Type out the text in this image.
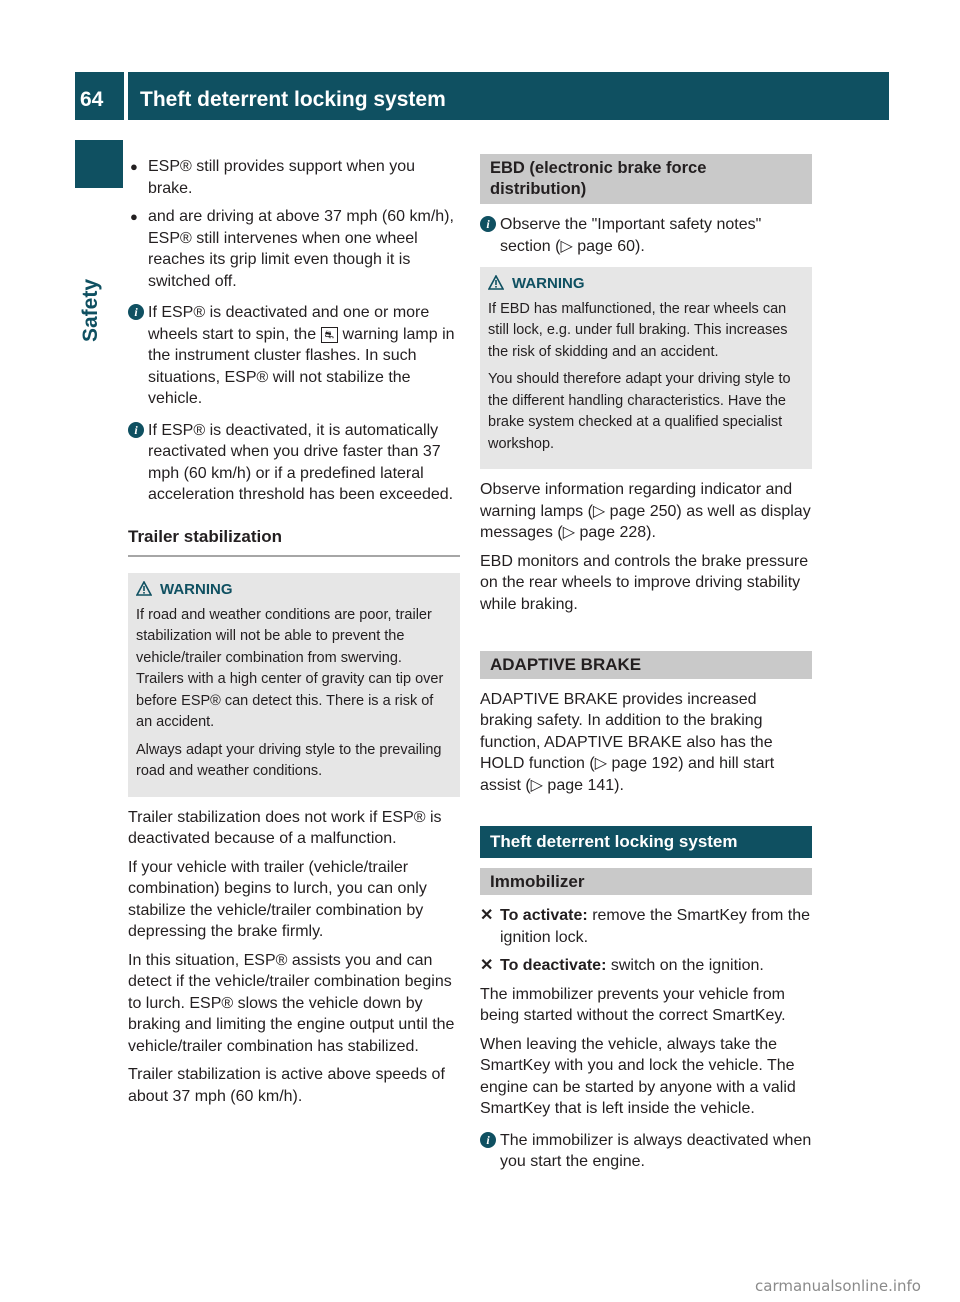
64 Theft deterrent locking system
Safety
● ESP® still provides support when you brake.
● and are driving at above 37 mph (60 km/h), ESP® still intervenes when one wheel reaches its grip limit even though it is switched off.
i If ESP® is deactivated and one or more wheels start to spin, the ⛐ warning lamp in the instrument cluster flashes. In such situations, ESP® will not stabilize the vehicle.
i If ESP® is deactivated, it is automatically reactivated when you drive faster than 37 mph (60 km/h) or if a predefined lateral acceleration threshold has been exceeded.
Trailer stabilization
WARNING

If road and weather conditions are poor, trailer stabilization will not be able to prevent the vehicle/trailer combination from swerving. Trailers with a high center of gravity can tip over before ESP® can detect this. There is a risk of an accident.

Always adapt your driving style to the prevailing road and weather conditions.

Trailer stabilization does not work if ESP® is deactivated because of a malfunction.

If your vehicle with trailer (vehicle/trailer combination) begins to lurch, you can only stabilize the vehicle/trailer combination by depressing the brake firmly.

In this situation, ESP® assists you and can detect if the vehicle/trailer combination begins to lurch. ESP® slows the vehicle down by braking and limiting the engine output until the vehicle/trailer combination has stabilized.

Trailer stabilization is active above speeds of about 37 mph (60 km/h).

EBD (electronic brake force distribution)
i Observe the "Important safety notes" section (▷ page 60).
WARNING

If EBD has malfunctioned, the rear wheels can still lock, e.g. under full braking. This increases the risk of skidding and an accident.

You should therefore adapt your driving style to the different handling characteristics. Have the brake system checked at a qualified specialist workshop.

Observe information regarding indicator and warning lamps (▷ page 250) as well as display messages (▷ page 228).

EBD monitors and controls the brake pressure on the rear wheels to improve driving stability while braking.

ADAPTIVE BRAKE

ADAPTIVE BRAKE provides increased braking safety. In addition to the braking function, ADAPTIVE BRAKE also has the HOLD function (▷ page 192) and hill start assist (▷ page 141).

Theft deterrent locking system
Immobilizer
✕ To activate: remove the SmartKey from the ignition lock.
✕ To deactivate: switch on the ignition.

The immobilizer prevents your vehicle from being started without the correct SmartKey.

When leaving the vehicle, always take the SmartKey with you and lock the vehicle. The engine can be started by anyone with a valid SmartKey that is left inside the vehicle.

i The immobilizer is always deactivated when you start the engine.
carmanualsonline.info
